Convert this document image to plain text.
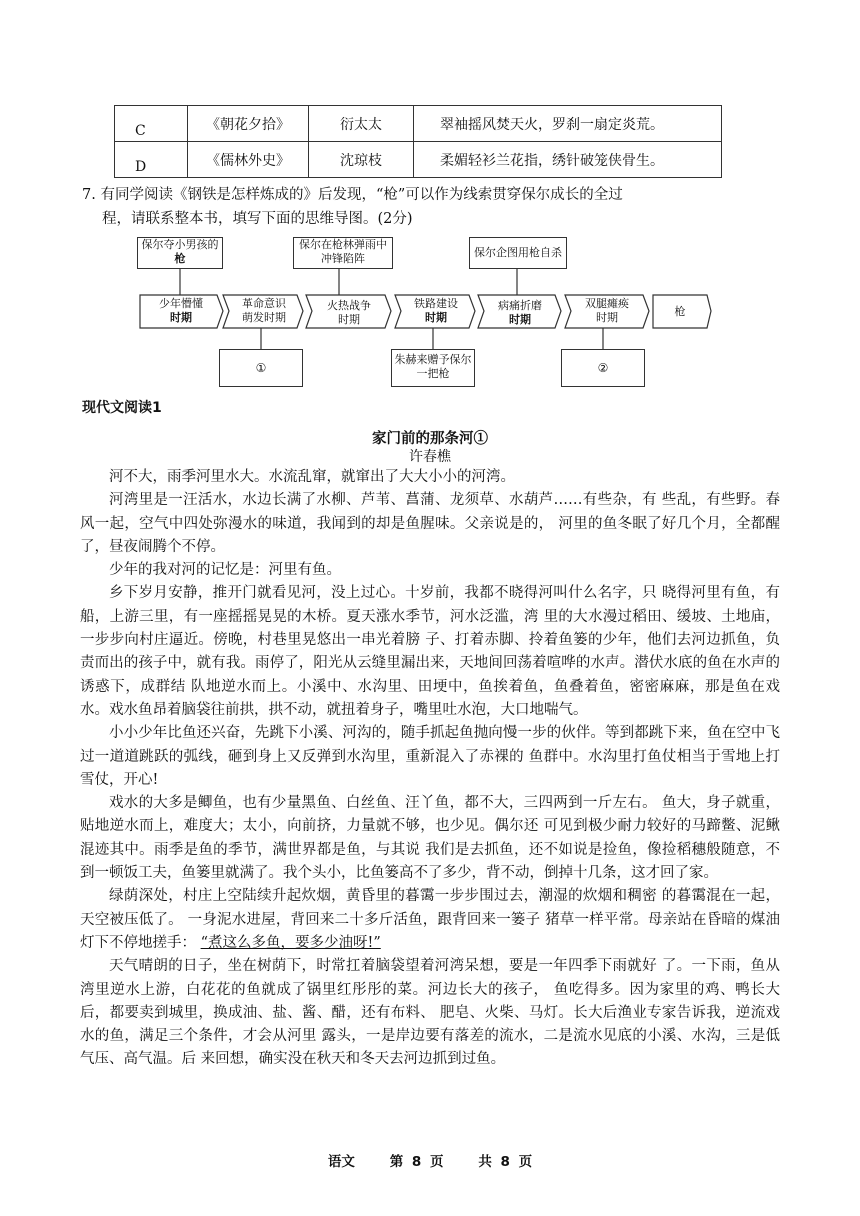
C	《朝花夕拾》	衍太太	翠袖摇风焚天火，罗刹一扇定炎荒。
D	《儒林外史》	沈琼枝	柔媚轻衫兰花指，绣针破笼侠骨生。
7. 有同学阅读《钢铁是怎样炼成的》后发现，“枪”可以作为线索贯穿保尔成长的全过
程，请联系整本书，填写下面的思维导图。(2分)
保尔夺小男孩的
枪
保尔在枪林弹雨中
冲锋陷阵	保尔企图用枪自杀
少年懵懂
时期
革命意识
萌发时期
火热战争
时期
铁路建设
时期
病痛折磨
时期
双腿瘫痪
时期	枪
①
朱赫来赠予保尔
一把枪	②
现代文阅读1
家门前的那条河①
许春樵

河不大，雨季河里水大。水流乱窜，就窜出了大大小小的河湾。

河湾里是一汪活水，水边长满了水柳、芦苇、菖蒲、龙须草、水葫芦……有些杂，有 些乱，有些野。春风一起，空气中四处弥漫水的味道，我闻到的却是鱼腥味。父亲说是的， 河里的鱼冬眠了好几个月，全都醒了，昼夜闹腾个不停。

少年的我对河的记忆是：河里有鱼。

乡下岁月安静，推开门就看见河，没上过心。十岁前，我都不晓得河叫什么名字，只 晓得河里有鱼，有船，上游三里，有一座摇摇晃晃的木桥。夏天涨水季节，河水泛滥，湾 里的大水漫过稻田、缓坡、土地庙，一步步向村庄逼近。傍晚，村巷里晃悠出一串光着膀 子、打着赤脚、拎着鱼篓的少年，他们去河边抓鱼，负责而出的孩子中，就有我。雨停了，阳光从云缝里漏出来，天地间回荡着喧哗的水声。潜伏水底的鱼在水声的诱惑下，成群结 队地逆水而上。小溪中、水沟里、田埂中，鱼挨着鱼，鱼叠着鱼，密密麻麻，那是鱼在戏 水。戏水鱼昂着脑袋往前拱，拱不动，就扭着身子，嘴里吐水泡，大口地喘气。

小小少年比鱼还兴奋，先跳下小溪、河沟的，随手抓起鱼抛向慢一步的伙伴。等到都跳下来，鱼在空中飞过一道道跳跃的弧线，砸到身上又反弹到水沟里，重新混入了赤裸的 鱼群中。水沟里打鱼仗相当于雪地上打雪仗，开心!

戏水的大多是鲫鱼，也有少量黑鱼、白丝鱼、汪丫鱼，都不大，三四两到一斤左右。 鱼大，身子就重，贴地逆水而上，难度大；太小，向前挤，力量就不够，也少见。偶尔还 可见到极少耐力较好的马蹄鳖、泥鳅混迹其中。雨季是鱼的季节，满世界都是鱼，与其说 我们是去抓鱼，还不如说是捡鱼，像捡稻穗般随意，不到一顿饭工夫，鱼篓里就满了。我个头小，比鱼篓高不了多少，背不动，倒掉十几条，这才回了家。

绿荫深处，村庄上空陆续升起炊烟，黄昏里的暮霭一步步围过去，潮湿的炊烟和稠密 的暮霭混在一起，天空被压低了。 一身泥水进屋，背回来二十多斤活鱼，跟背回来一篓子 猪草一样平常。母亲站在昏暗的煤油灯下不停地搓手： “煮这么多鱼，要多少油呀!”

天气晴朗的日子，坐在树荫下，时常扛着脑袋望着河湾呆想，要是一年四季下雨就好 了。一下雨，鱼从湾里逆水上游，白花花的鱼就成了锅里红彤彤的菜。河边长大的孩子， 鱼吃得多。因为家里的鸡、鸭长大后，都要卖到城里，换成油、盐、酱、醋，还有布料、 肥皂、火柴、马灯。长大后渔业专家告诉我，逆流戏水的鱼，满足三个条件，才会从河里 露头，一是岸边要有落差的流水，二是流水见底的小溪、水沟，三是低气压、高气温。后 来回想，确实没在秋天和冬天去河边抓到过鱼。

语文	第 8 页	共 8 页
